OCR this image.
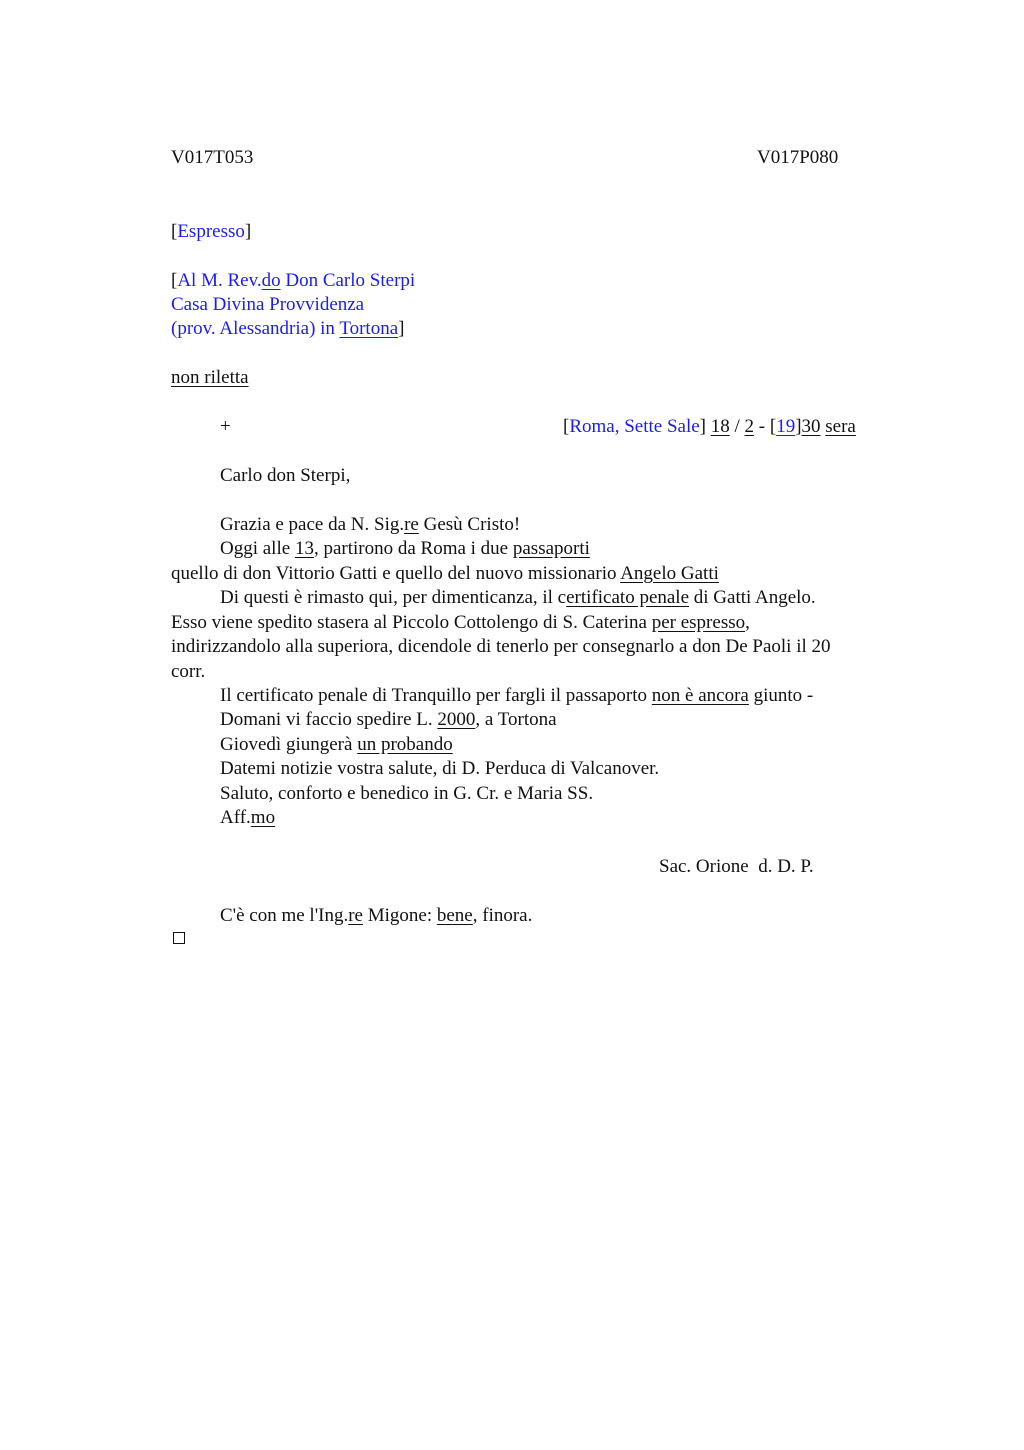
V017T053	V017P080
[Espresso]
[Al M. Rev.do Don Carlo Sterpi
Casa Divina Provvidenza
(prov. Alessandria) in Tortona]
non riletta
+	[Roma, Sette Sale] 18 / 2 - [19]30 sera
Carlo don Sterpi,
Grazia e pace da N. Sig.re Gesù Cristo!
Oggi alle 13, partirono da Roma i due passaporti
quello di don Vittorio Gatti e quello del nuovo missionario Angelo Gatti
Di questi è rimasto qui, per dimenticanza, il certificato penale di Gatti Angelo.
Esso viene spedito stasera al Piccolo Cottolengo di S. Caterina per espresso,
indirizzandolo alla superiora, dicendole di tenerlo per consegnarlo a don De Paoli il 20
corr.
Il certificato penale di Tranquillo per fargli il passaporto non è ancora giunto -
Domani vi faccio spedire L. 2000, a Tortona
Giovedì giungerà un probando
Datemi notizie vostra salute, di D. Perduca di Valcanover.
Saluto, conforto e benedico in G. Cr. e Maria SS.
Aff.mo
Sac. Orione  d. D. P.
C'è con me l'Ing.re Migone: bene, finora.
